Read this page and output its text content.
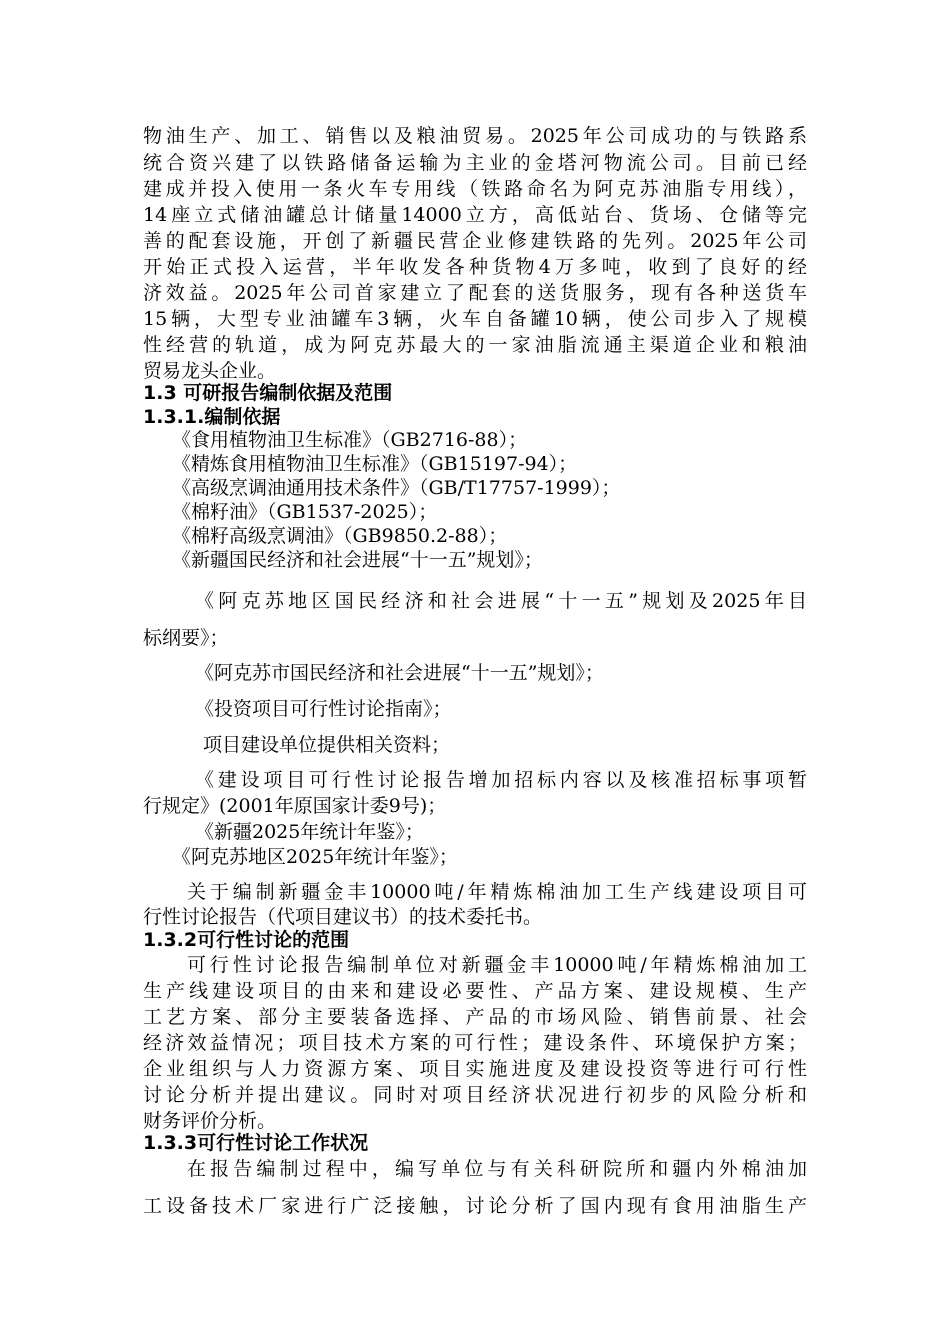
物油生产、加工、销售以及粮油贸易。2025年公司成功的与铁路系
统合资兴建了以铁路储备运输为主业的金塔河物流公司。目前已经
建成并投入使用一条火车专用线（铁路命名为阿克苏油脂专用线），
14座立式储油罐总计储量14000立方，高低站台、货场、仓储等完
善的配套设施，开创了新疆民营企业修建铁路的先列。2025年公司
开始正式投入运营，半年收发各种货物4万多吨，收到了良好的经
济效益。2025年公司首家建立了配套的送货服务，现有各种送货车
15辆，大型专业油罐车3辆，火车自备罐10辆，使公司步入了规模
性经营的轨道，成为阿克苏最大的一家油脂流通主渠道企业和粮油
贸易龙头企业。
1.3 可研报告编制依据及范围
1.3.1.编制依据
《食用植物油卫生标准》（GB2716-88）；
《精炼食用植物油卫生标准》（GB15197-94）；
《高级烹调油通用技术条件》（GB/T17757-1999）；
《棉籽油》（GB1537-2025）；
《棉籽高级烹调油》（GB9850.2-88）；
《新疆国民经济和社会进展“十一五”规划》；
《阿克苏地区国民经济和社会进展“十一五”规划及2025年目
标纲要》；
《阿克苏市国民经济和社会进展“十一五”规划》；
《投资项目可行性讨论指南》；
项目建设单位提供相关资料；
《建设项目可行性讨论报告增加招标内容以及核准招标事项暂
行规定》(2001年原国家计委9号)；
《新疆2025年统计年鉴》；
《阿克苏地区2025年统计年鉴》；
关于编制新疆金丰10000吨/年精炼棉油加工生产线建设项目可
行性讨论报告（代项目建议书）的技术委托书。
1.3.2可行性讨论的范围
可行性讨论报告编制单位对新疆金丰10000吨/年精炼棉油加工
生产线建设项目的由来和建设必要性、产品方案、建设规模、生产
工艺方案、部分主要装备选择、产品的市场风险、销售前景、社会
经济效益情况；项目技术方案的可行性；建设条件、环境保护方案；
企业组织与人力资源方案、项目实施进度及建设投资等进行可行性
讨论分析并提出建议。同时对项目经济状况进行初步的风险分析和
财务评价分析。
1.3.3可行性讨论工作状况
在报告编制过程中，编写单位与有关科研院所和疆内外棉油加
工设备技术厂家进行广泛接触，讨论分析了国内现有食用油脂生产
